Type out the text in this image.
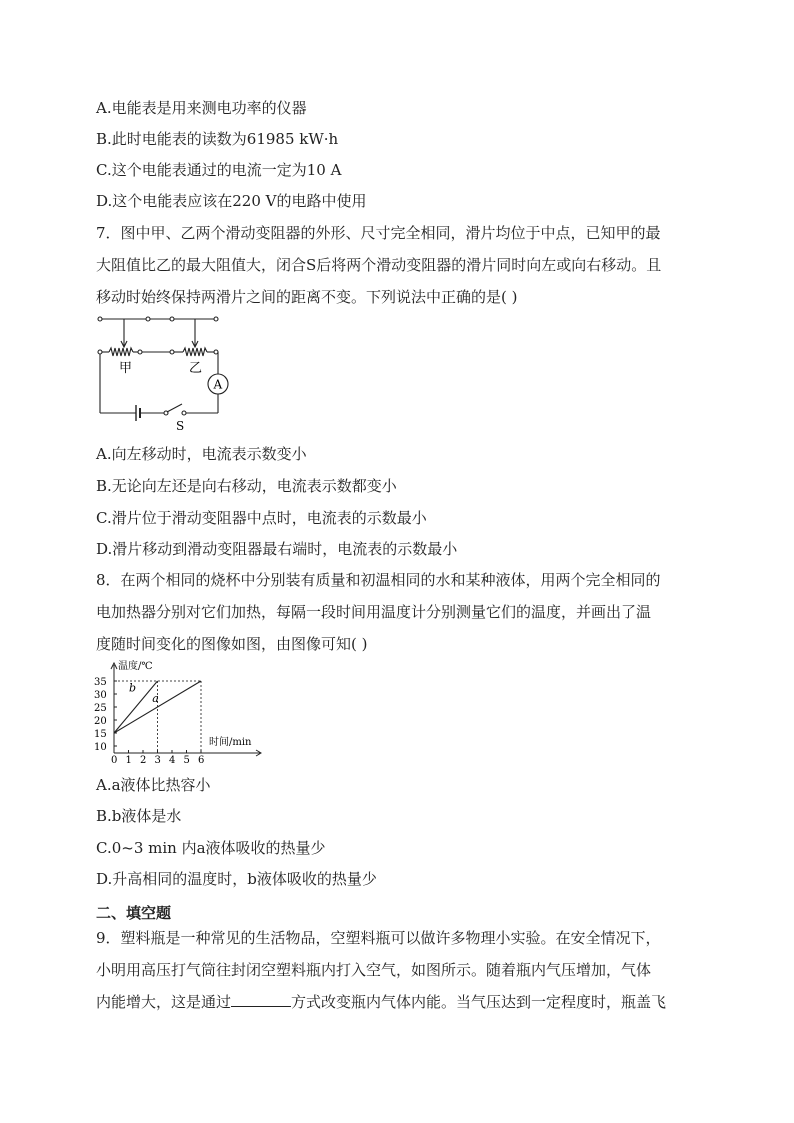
A.电能表是用来测电功率的仪器
B.此时电能表的读数为61985 kW·h
C.这个电能表通过的电流一定为10 A
D.这个电能表应该在220 V的电路中使用
7．图中甲、乙两个滑动变阻器的外形、尺寸完全相同，滑片均位于中点，已知甲的最
大阻值比乙的最大阻值大，闭合S后将两个滑动变阻器的滑片同时向左或向右移动。且
移动时始终保持两滑片之间的距离不变。下列说法中正确的是( )
甲	乙
A
S
A.向左移动时，电流表示数变小
B.无论向左还是向右移动，电流表示数都变小
C.滑片位于滑动变阻器中点时，电流表的示数最小
D.滑片移动到滑动变阻器最右端时，电流表的示数最小
8．在两个相同的烧杯中分别装有质量和初温相同的水和某种液体，用两个完全相同的
电加热器分别对它们加热，每隔一段时间用温度计分别测量它们的温度，并画出了温
度随时间变化的图像如图，由图像可知( )
0 1 2 3 4 5 6
10
15
20
25
30
35 b
a
温度/℃
时间/min
A.a液体比热容小
B.b液体是水
C.0~3 min 内a液体吸收的热量少
D.升高相同的温度时，b液体吸收的热量少
二、填空题
9．塑料瓶是一种常见的生活物品，空塑料瓶可以做许多物理小实验。在安全情况下，
小明用高压打气筒往封闭空塑料瓶内打入空气，如图所示。随着瓶内气压增加，气体
内能增大，这是通过	方式改变瓶内气体内能。当气压达到一定程度时，瓶盖飞
